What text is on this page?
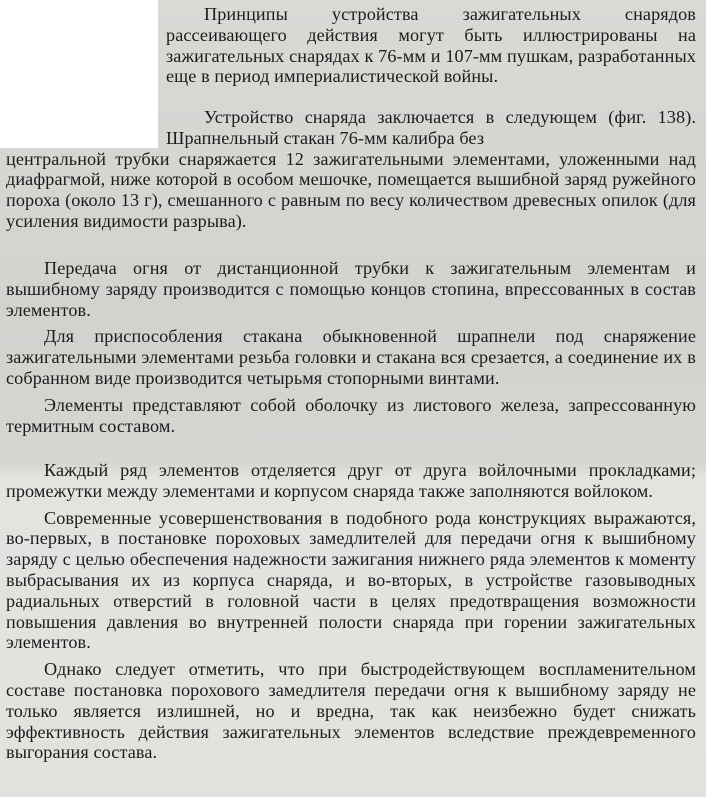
Принципы устройства зажигательных снарядов рассеивающего действия могут быть иллюстрированы на зажигательных снарядах к 76-мм и 107-мм пушкам, разработанных еще в период империалистической войны.

Устройство снаряда заключается в следующем (фиг. 138). Шрапнельный стакан 76-мм калибра без

центральной трубки снаряжается 12 зажигательными элементами, уложенными над диафрагмой, ниже которой в особом мешочке, помещается вышибной заряд ружейного пороха (около 13 г), смешанного с равным по весу количеством древесных опилок (для усиления видимости разрыва).

Передача огня от дистанционной трубки к зажигательным элементам и вышибному заряду производится с помощью концов стопина, впрессованных в состав элементов.

Для приспособления стакана обыкновенной шрапнели под снаряжение зажигательными элементами резьба головки и стакана вся срезается, а соединение их в собранном виде производится четырьмя стопорными винтами.

Элементы представляют собой оболочку из листового железа, запрессованную термитным составом.

Каждый ряд элементов отделяется друг от друга войлочными прокладками; промежутки между элементами и корпусом снаряда также заполняются войлоком.

Современные усовершенствования в подобного рода конструкциях выражаются, во-первых, в постановке пороховых замедлителей для передачи огня к вышибному заряду с целью обеспечения надежности зажигания нижнего ряда элементов к моменту выбрасывания их из корпуса снаряда, и во-вторых, в устройстве газовыводных радиальных отверстий в головной части в целях предотвращения возможности повышения давления во внутренней полости снаряда при горении зажигательных элементов.

Однако следует отметить, что при быстродействующем воспламенительном составе постановка порохового замедлителя передачи огня к вышибному заряду не только является излишней, но и вредна, так как неизбежно будет снижать эффективность действия зажигательных элементов вследствие преждевременного выгорания состава.
